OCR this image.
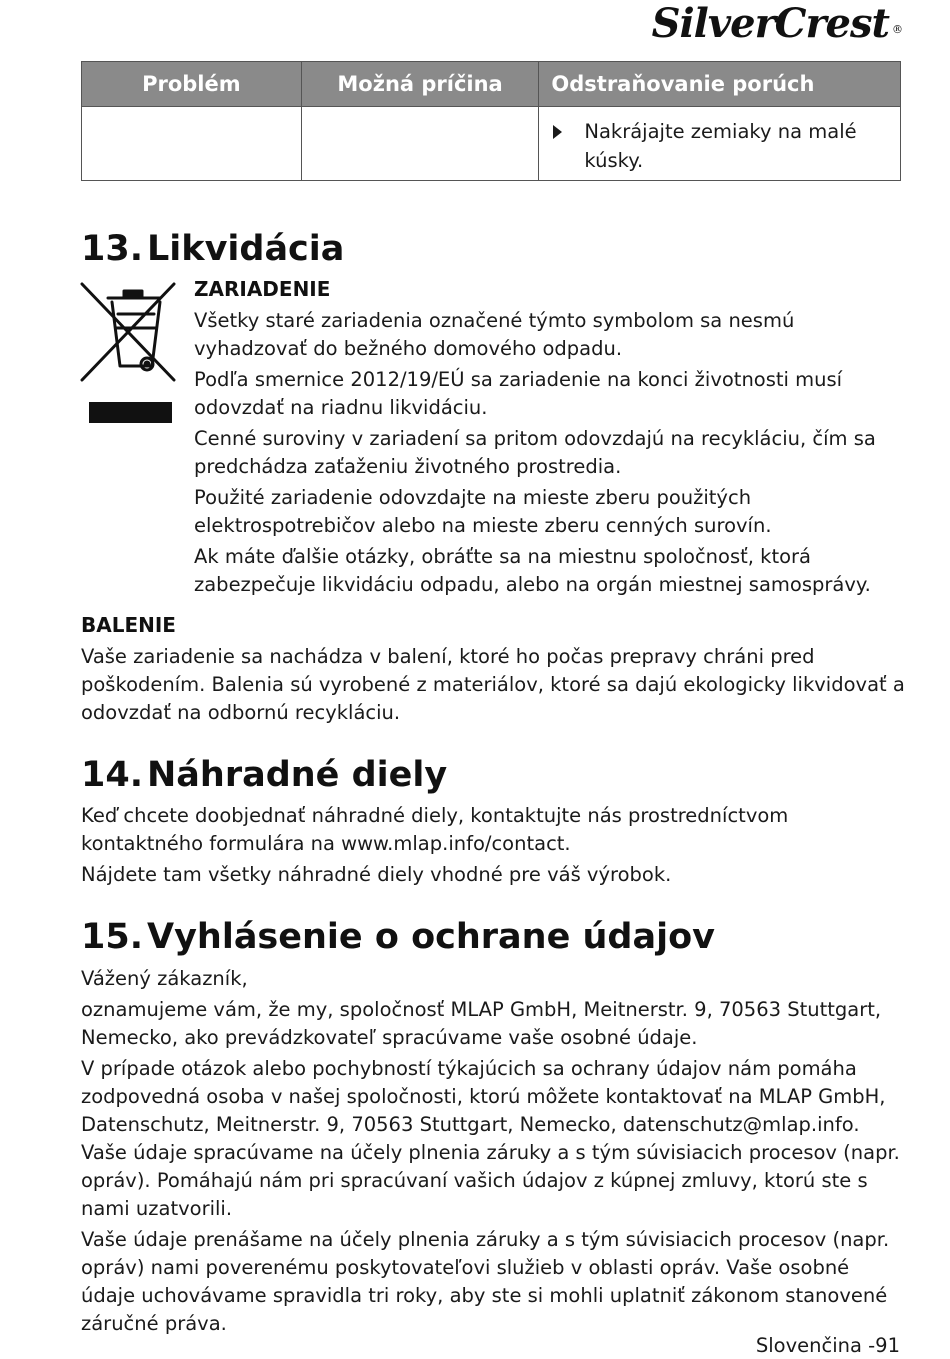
SilverCrest ®
Problém	Možná príčina	Odstraňovanie porúch

		Nakrájajte zemiaky na malé kúsky.
13. Likvidácia
ZARIADENIE

Všetky staré zariadenia označené týmto symbolom sa nesmú vyhadzovať do bežného domového odpadu.

Podľa smernice 2012/19/EÚ sa zariadenie na konci životnosti musí odovzdať na riadnu likvidáciu.

Cenné suroviny v zariadení sa pritom odovzdajú na recykláciu, čím sa predchádza zaťaženiu životného prostredia.

Použité zariadenie odovzdajte na mieste zberu použitých elektrospotrebičov alebo na mieste zberu cenných surovín.

Ak máte ďalšie otázky, obráťte sa na miestnu spoločnosť, ktorá zabezpečuje likvidáciu odpadu, alebo na orgán miestnej samosprávy.

BALENIE

Vaše zariadenie sa nachádza v balení, ktoré ho počas prepravy chráni pred poškodením. Balenia sú vyrobené z materiálov, ktoré sa dajú ekologicky likvidovať a odovzdať na odbornú recykláciu.

14. Náhradné diely

Keď chcete doobjednať náhradné diely, kontaktujte nás prostredníctvom kontaktného formulára na www.mlap.info/contact.

Nájdete tam všetky náhradné diely vhodné pre váš výrobok.

15. Vyhlásenie o ochrane údajov

Vážený zákazník,

oznamujeme vám, že my, spoločnosť MLAP GmbH, Meitnerstr. 9, 70563 Stuttgart, Nemecko, ako prevádzkovateľ spracúvame vaše osobné údaje.

V prípade otázok alebo pochybností týkajúcich sa ochrany údajov nám pomáha zodpovedná osoba v našej spoločnosti, ktorú môžete kontaktovať na MLAP GmbH, Datenschutz, Meitnerstr. 9, 70563 Stuttgart, Nemecko, datenschutz@mlap.info. Vaše údaje spracúvame na účely plnenia záruky a s tým súvisiacich procesov (napr. opráv). Pomáhajú nám pri spracúvaní vašich údajov z kúpnej zmluvy, ktorú ste s nami uzatvorili.

Vaše údaje prenášame na účely plnenia záruky a s tým súvisiacich procesov (napr. opráv) nami poverenému poskytovateľovi služieb v oblasti opráv. Vaše osobné údaje uchovávame spravidla tri roky, aby ste si mohli uplatniť zákonom stanovené záručné práva.

Slovenčina -91
